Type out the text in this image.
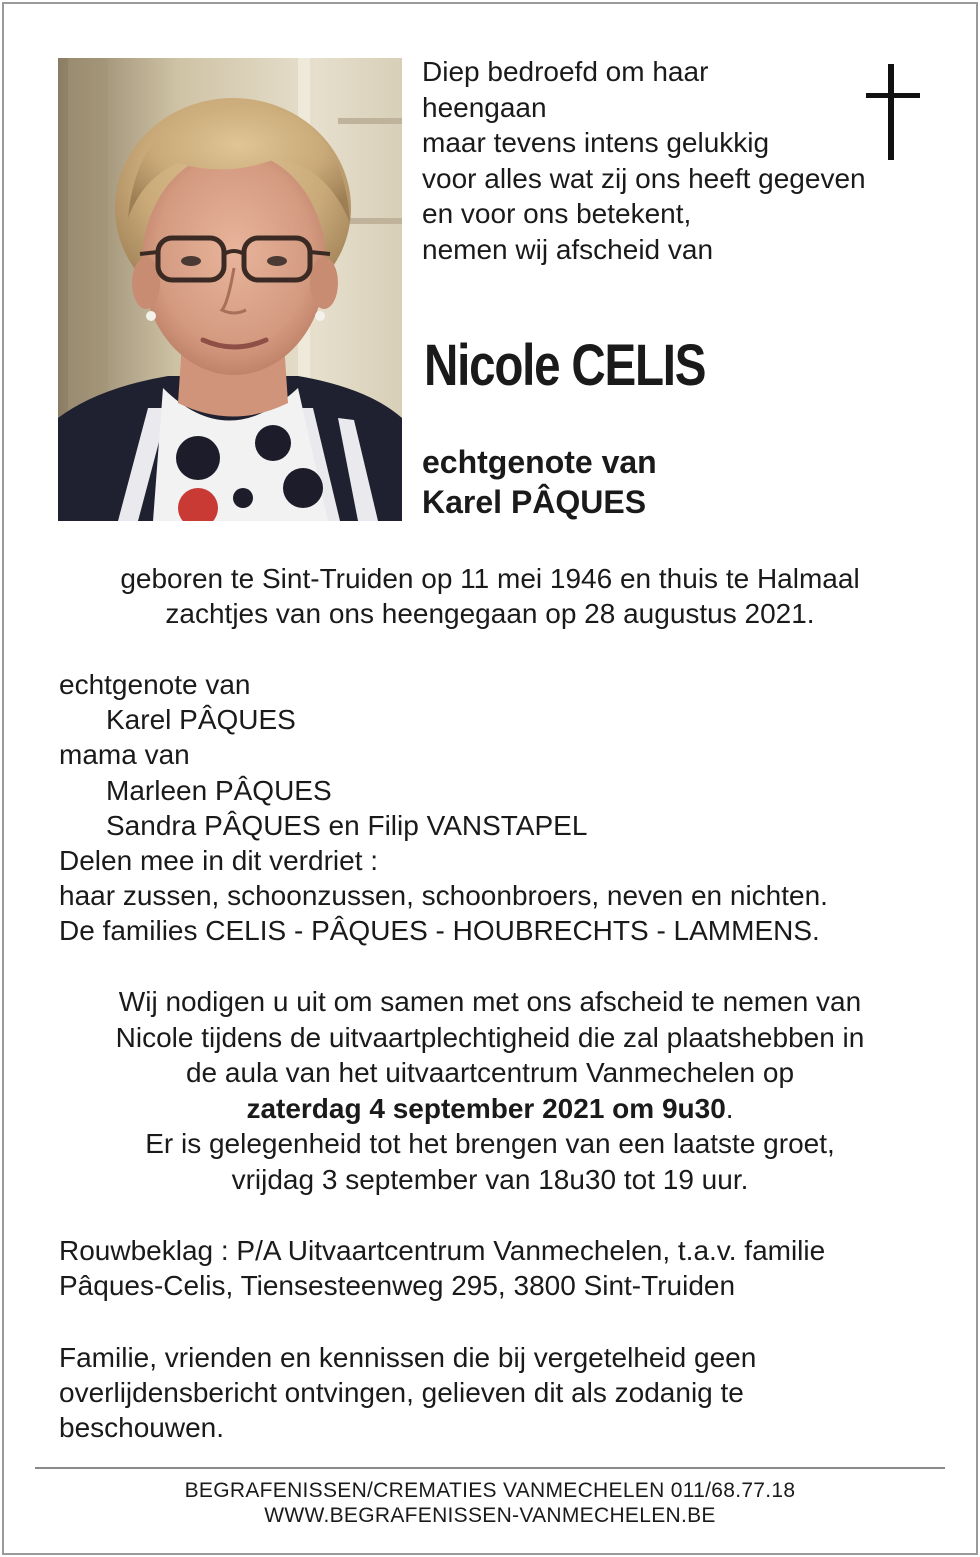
Diep bedroefd om haar
heengaan
maar tevens intens gelukkig
voor alles wat zij ons heeft gegeven
en voor ons betekent,
nemen wij afscheid van
Nicole CELIS
echtgenote van
Karel PÂQUES
geboren te Sint-Truiden op 11 mei 1946 en thuis te Halmaal
zachtjes van ons heengegaan op 28 augustus 2021.
echtgenote van
Karel PÂQUES
mama van
Marleen PÂQUES
Sandra PÂQUES en Filip VANSTAPEL
Delen mee in dit verdriet :
haar zussen, schoonzussen, schoonbroers, neven en nichten.
De families CELIS - PÂQUES - HOUBRECHTS - LAMMENS.
Wij nodigen u uit om samen met ons afscheid te nemen van
Nicole tijdens de uitvaartplechtigheid die zal plaatshebben in
de aula van het uitvaartcentrum Vanmechelen op
zaterdag 4 september 2021 om 9u30.
Er is gelegenheid tot het brengen van een laatste groet,
vrijdag 3 september van 18u30 tot 19 uur.
Rouwbeklag : P/A Uitvaartcentrum Vanmechelen, t.a.v. familie
Pâques-Celis, Tiensesteenweg 295, 3800 Sint-Truiden
Familie, vrienden en kennissen die bij vergetelheid geen
overlijdensbericht ontvingen, gelieven dit als zodanig te
beschouwen.
BEGRAFENISSEN/CREMATIES VANMECHELEN 011/68.77.18
WWW.BEGRAFENISSEN-VANMECHELEN.BE
